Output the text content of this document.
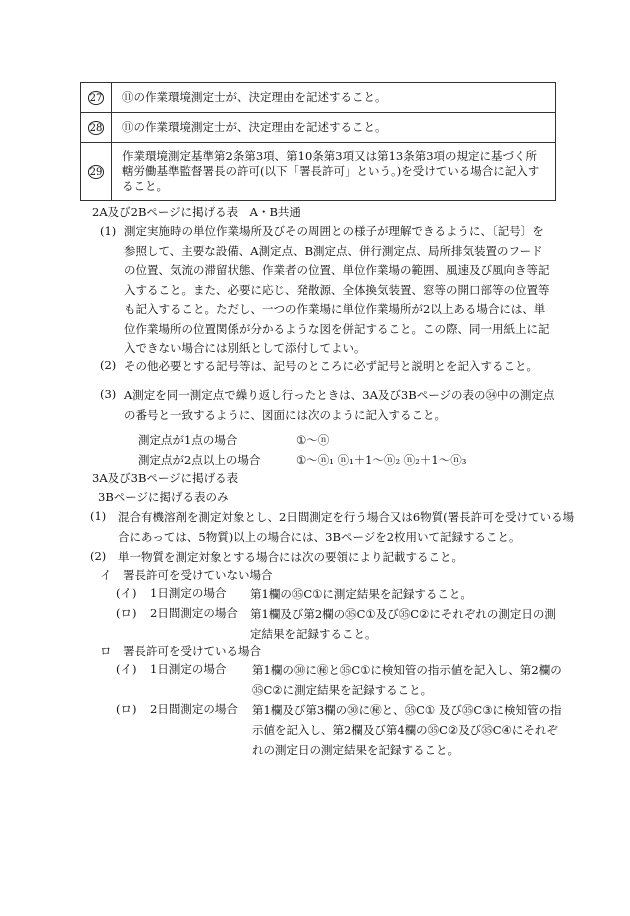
27	⑪の作業環境測定士が、決定理由を記述すること。
28	⑪の作業環境測定士が、決定理由を記述すること。
29	作業環境測定基準第2条第3項、第10条第3項又は第13条第3項の規定に基づく所轄労働基準監督署長の許可(以下「署長許可」という。)を受けている場合に記入すること。
2A及び2Bページに掲げる表　A・B共通
(1) 測定実施時の単位作業場所及びその周囲との様子が理解できるように、〔記号〕を参照して、主要な設備、A測定点、B測定点、併行測定点、局所排気装置のフードの位置、気流の滞留状態、作業者の位置、単位作業場の範囲、風速及び風向き等記入すること。また、必要に応じ、発散源、全体換気装置、窓等の開口部等の位置等も記入すること。ただし、一つの作業場に単位作業場所が2以上ある場合には、単位作業場所の位置関係が分かるような図を併記すること。この際、同一用紙上に記入できない場合には別紙として添付してよい。
(2) その他必要とする記号等は、記号のところに必ず記号と説明とを記入すること。
(3) A測定を同一測定点で繰り返し行ったときは、3A及び3Bページの表の㉞中の測定点の番号と一致するように、図面には次のように記入すること。
測定点が1点の場合	①～ⓝ
測定点が2点以上の場合	①～ⓝ₁ ⓝ₁＋1～ⓝ₂ ⓝ₂＋1～ⓝ₃
3A及び3Bページに掲げる表
3Bページに掲げる表のみ
(1) 混合有機溶剤を測定対象とし、2日間測定を行う場合又は6物質(署長許可を受けている場合にあっては、5物質)以上の場合には、3Bページを2枚用いて記録すること。
(2) 単一物質を測定対象とする場合には次の要領により記載すること。
イ　署長許可を受けていない場合
(イ) 1日測定の場合 第1欄の㉟C①に測定結果を記録すること。
(ロ) 2日間測定の場合 第1欄及び第2欄の㉟C①及び㉟C②にそれぞれの測定日の測定結果を記録すること。
ロ　署長許可を受けている場合
(イ) 1日測定の場合 第1欄の㉚に㊙と㉟C①に検知管の指示値を記入し、第2欄の㉟C②に測定結果を記録すること。
(ロ) 2日間測定の場合 第1欄及び第3欄の㉚に㊙と、㉟C① 及び㉟C③に検知管の指示値を記入し、第2欄及び第4欄の㉟C②及び㉟C④にそれぞれの測定日の測定結果を記録すること。
